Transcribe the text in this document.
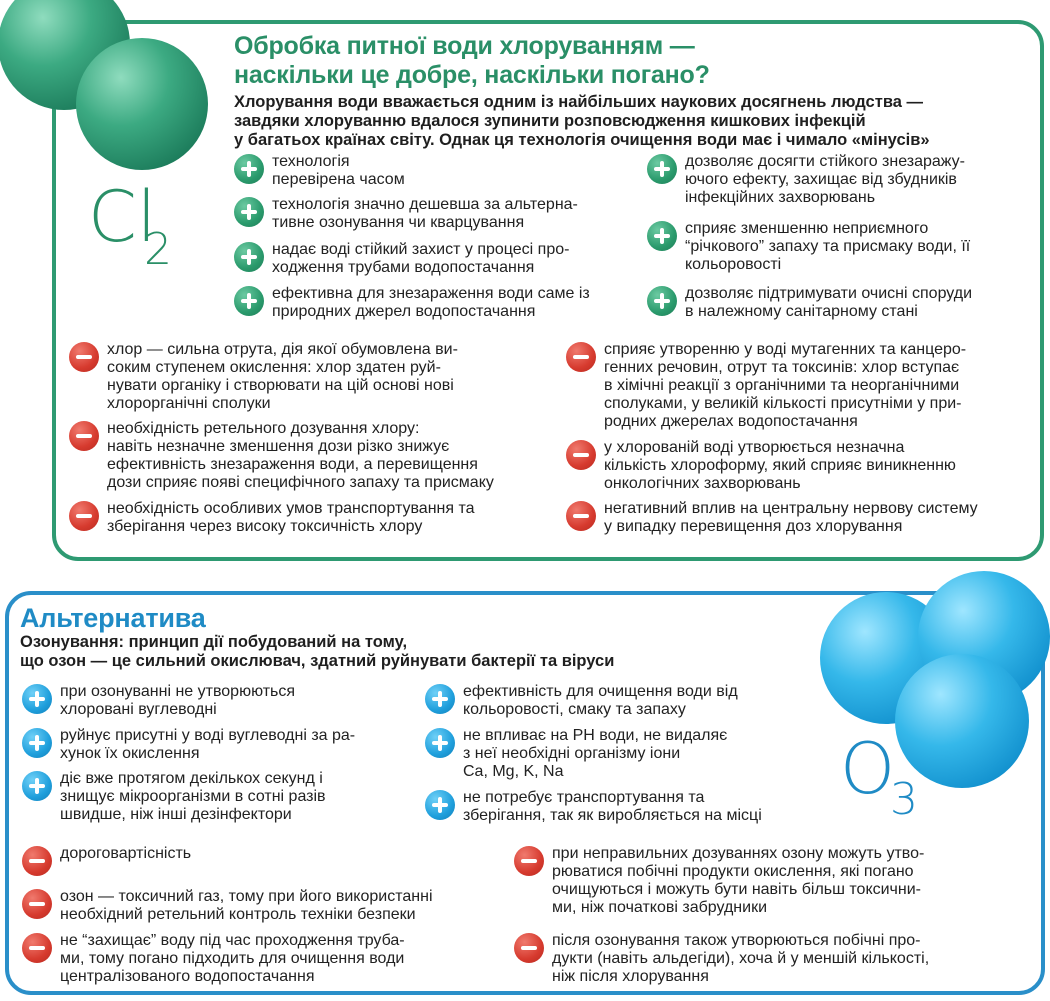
Cl
2

Обробка питної води хлоруванням —

наскільки це добре, наскільки погано?

Хлорування води вважається одним із найбільших наукових досягнень людства —

завдяки хлоруванню вдалося зупинити розповсюдження кишкових інфекцій

у багатьох країнах світу. Однак ця технологія очищення води має і чимало «мінусів»

технологія
перевірена часом
технологія значно дешевша за альтерна-
тивне озонування чи кварцування
надає воді стійкий захист у процесі про-
ходження трубами водопостачання
ефективна для знезараження води саме із
природних джерел водопостачання
дозволяє досягти стійкого знезаражу-
ючого ефекту, захищає від збудників
інфекційних захворювань
сприяє зменшенню неприємного
“річкового” запаху та присмаку води, її
кольоровості
дозволяє підтримувати очисні споруди
в належному санітарному стані
хлор — сильна отрута, дія якої обумовлена ви-
соким ступенем окислення: хлор здатен руй-
нувати органіку і створювати на цій основі нові
хлорорганічні сполуки
необхідність ретельного дозування хлору:
навіть незначне зменшення дози різко знижує
ефективність знезараження води, а перевищення
дози сприяє появі специфічного запаху та присмаку
необхідність особливих умов транспортування та
зберігання через високу токсичність хлору
сприяє утворенню у воді мутагенних та канцеро-
генних речовин, отрут та токсинів: хлор вступає
в хімічні реакції з органічними та неорганічними
сполуками, у великій кількості присутніми у при-
родних джерелах водопостачання
у хлорованій воді утворюється незначна
кількість хлороформу, який сприяє виникненню
онкологічних захворювань
негативний вплив на центральну нервову систему
у випадку перевищення доз хлорування
O
3

Альтернатива

Озонування: принцип дії побудований на тому,

що озон — це сильний окислювач, здатний руйнувати бактерії та віруси

при озонуванні не утворюються
хлоровані вуглеводні
руйнує присутні у воді вуглеводні за ра-
хунок їх окислення
діє вже протягом декількох секунд і
знищує мікроорганізми в сотні разів
швидше, ніж інші дезінфектори
ефективність для очищення води від
кольоровості, смаку та запаху
не впливає на РН води, не видаляє
з неї необхідні організму іони
Ca, Mg, K, Na
не потребує транспортування та
зберігання, так як виробляється на місці
дороговартісність
озон — токсичний газ, тому при його використанні
необхідний ретельний контроль техніки безпеки
не “захищає” воду під час проходження труба-
ми, тому погано підходить для очищення води
централізованого водопостачання
при неправильних дозуваннях озону можуть утво-
рюватися побічні продукти окислення, які погано
очищуються і можуть бути навіть більш токсични-
ми, ніж початкові забрудники
після озонування також утворюються побічні про-
дукти (навіть альдегіди), хоча й у меншій кількості,
ніж після хлорування
